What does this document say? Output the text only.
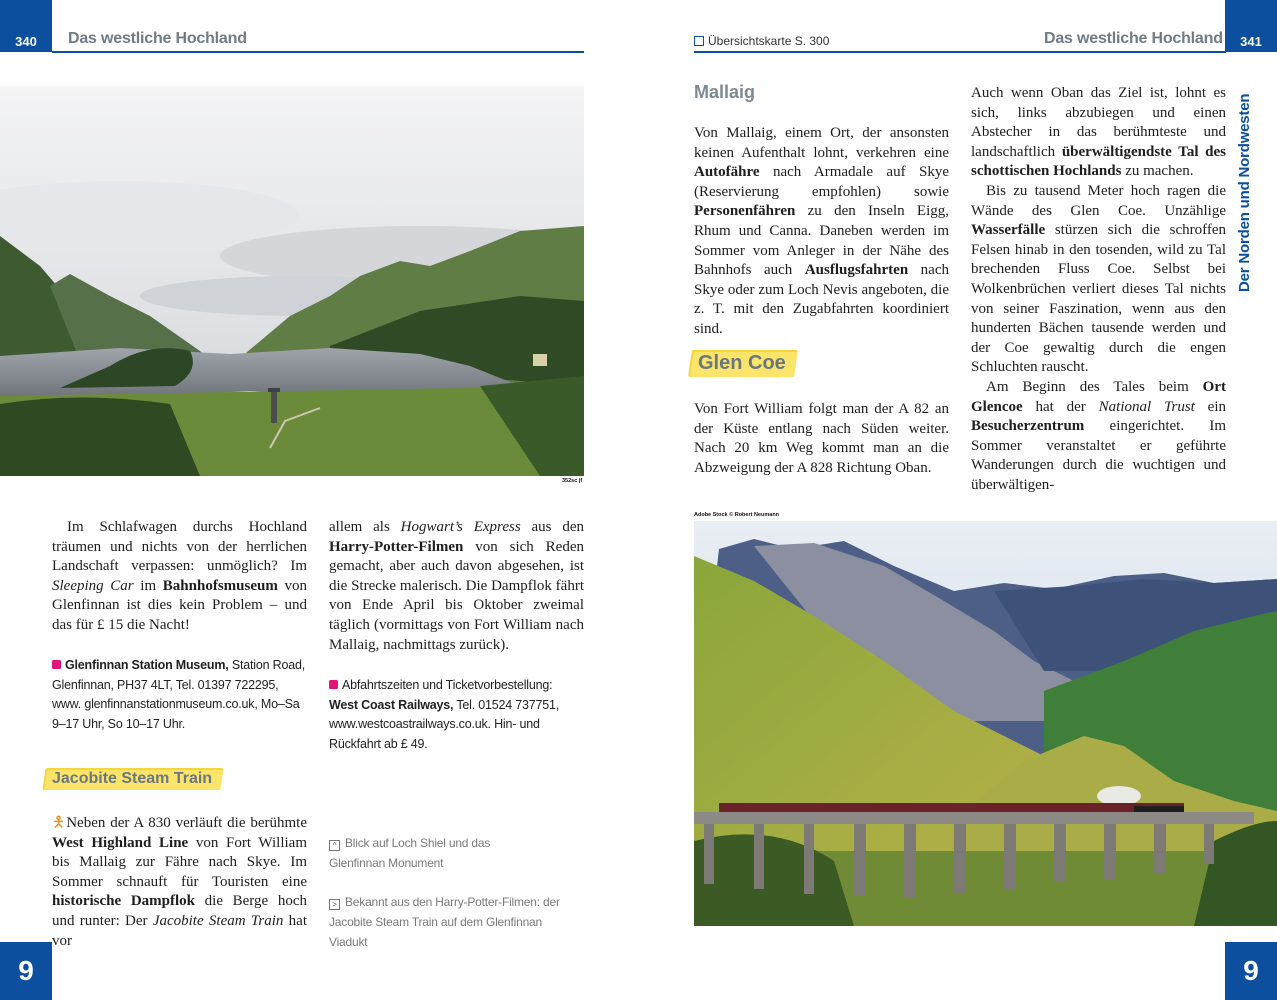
340 Das westliche Hochland
352sc jf

Im Schlafwagen durchs Hochland träumen und nichts von der herrlichen Landschaft verpassen: unmöglich? Im Sleeping Car im Bahnhofsmuseum von Glenfinnan ist dies kein Problem – und das für £ 15 die Nacht!

Glenfinnan Station Museum, Station Road, Glenfinnan, PH37 4LT, Tel. 01397 722295, www. glenfinnanstationmuseum.co.uk, Mo–Sa 9–17 Uhr, So 10–17 Uhr.
Jacobite Steam Train

🯅Neben der A 830 verläuft die berühmte West Highland Line von Fort William bis Mallaig zur Fähre nach Skye. Im Sommer schnauft für Touristen eine historische Dampflok die Berge hoch und runter: Der Jacobite Steam Train hat vor

allem als Hogwart’s Express aus den Harry-Potter-Filmen von sich Reden gemacht, aber auch davon abgesehen, ist die Strecke malerisch. Die Dampflok fährt von Ende April bis Oktober zweimal täglich (vormittags von Fort William nach Mallaig, nachmittags zurück).

Abfahrtszeiten und Ticketvorbestellung: West Coast Railways, Tel. 01524 737751, www.westcoastrailways.co.uk. Hin- und Rückfahrt ab £ 49.
^ Blick auf Loch Shiel und das Glenfinnan Monument
> Bekannt aus den Harry-Potter-Filmen: der Jacobite Steam Train auf dem Glenfinnan Viadukt
9
Übersichtskarte S. 300	Das westliche Hochland 341
Der Norden und Nordwesten
Mallaig

Von Mallaig, einem Ort, der ansonsten keinen Aufenthalt lohnt, verkehren eine Autofähre nach Armadale auf Skye (Reservierung empfohlen) sowie Personenfähren zu den Inseln Eigg, Rhum und Canna. Daneben werden im Sommer vom Anleger in der Nähe des Bahnhofs auch Ausflugsfahrten nach Skye oder zum Loch Nevis angeboten, die z. T. mit den Zugabfahrten koordiniert sind.

Glen Coe

Von Fort William folgt man der A 82 an der Küste entlang nach Süden weiter. Nach 20 km Weg kommt man an die Abzweigung der A 828 Richtung Oban.

Auch wenn Oban das Ziel ist, lohnt es sich, links abzubiegen und einen Abstecher in das berühmteste und landschaftlich überwältigendste Tal des schottischen Hochlands zu machen.

Bis zu tausend Meter hoch ragen die Wände des Glen Coe. Unzählige Wasserfälle stürzen sich die schroffen Felsen hinab in den tosenden, wild zu Tal brechenden Fluss Coe. Selbst bei Wolkenbrüchen verliert dieses Tal nichts von seiner Faszination, wenn aus den hunderten Bächen tausende werden und der Coe gewaltig durch die engen Schluchten rauscht.

Am Beginn des Tales beim Ort Glencoe hat der National Trust ein Besucherzentrum eingerichtet. Im Sommer veranstaltet er geführte Wanderungen durch die wuchtigen und überwältigen-

Adobe Stock © Robert Neumann
9
